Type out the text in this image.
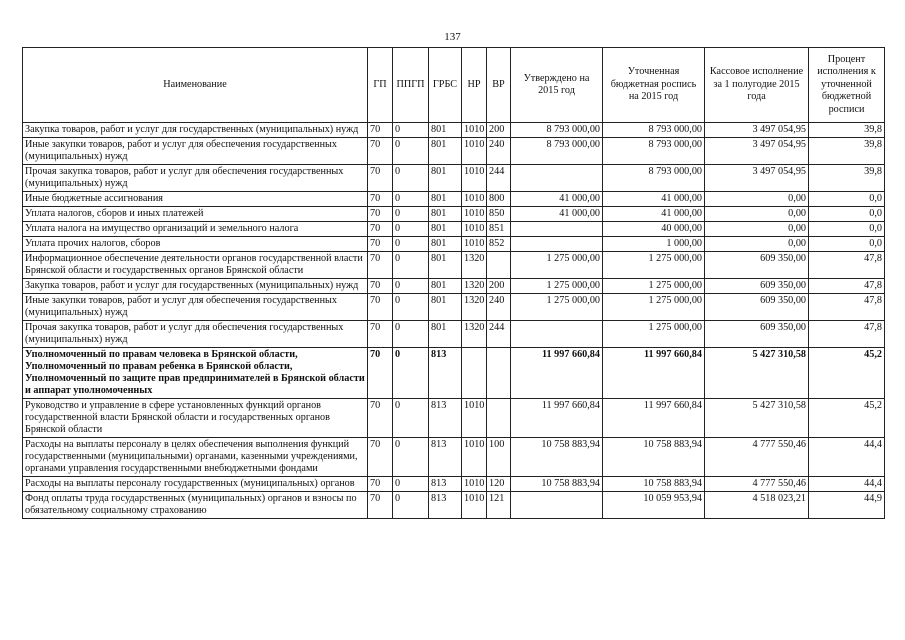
137
Наименование	ГП	ППГП	ГРБС	НР	ВР	Утверждено на 2015 год	Уточненная бюджетная роспись на 2015 год	Кассовое исполнение за 1 полугодие 2015 года	Процент исполнения к уточненной бюджетной росписи
Закупка товаров, работ и услуг для государственных (муниципальных) нужд	70	0	801	1010	200	8 793 000,00	8 793 000,00	3 497 054,95	39,8
Иные закупки товаров, работ и услуг для обеспечения государственных (муниципальных) нужд	70	0	801	1010	240	8 793 000,00	8 793 000,00	3 497 054,95	39,8
Прочая закупка товаров, работ и услуг для обеспечения государственных (муниципальных) нужд	70	0	801	1010	244		8 793 000,00	3 497 054,95	39,8
Иные бюджетные ассигнования	70	0	801	1010	800	41 000,00	41 000,00	0,00	0,0
Уплата налогов, сборов и иных платежей	70	0	801	1010	850	41 000,00	41 000,00	0,00	0,0
Уплата налога на имущество организаций и земельного налога	70	0	801	1010	851		40 000,00	0,00	0,0
Уплата прочих налогов, сборов	70	0	801	1010	852		1 000,00	0,00	0,0
Информационное обеспечение деятельности органов государственной власти Брянской области и государственных органов Брянской области	70	0	801	1320		1 275 000,00	1 275 000,00	609 350,00	47,8
Закупка товаров, работ и услуг для государственных (муниципальных) нужд	70	0	801	1320	200	1 275 000,00	1 275 000,00	609 350,00	47,8
Иные закупки товаров, работ и услуг для обеспечения государственных (муниципальных) нужд	70	0	801	1320	240	1 275 000,00	1 275 000,00	609 350,00	47,8
Прочая закупка товаров, работ и услуг для обеспечения государственных (муниципальных) нужд	70	0	801	1320	244		1 275 000,00	609 350,00	47,8
Уполномоченный по правам человека в Брянской области, Уполномоченный по правам ребенка в Брянской области, Уполномоченный по защите прав предпринимателей в Брянской области и аппарат уполномоченных	70	0	813			11 997 660,84	11 997 660,84	5 427 310,58	45,2
Руководство и управление в сфере установленных функций органов государственной власти Брянской области и государственных органов Брянской области	70	0	813	1010		11 997 660,84	11 997 660,84	5 427 310,58	45,2
Расходы на выплаты персоналу в целях обеспечения выполнения функций государственными (муниципальными) органами, казенными учреждениями, органами управления государственными внебюджетными фондами	70	0	813	1010	100	10 758 883,94	10 758 883,94	4 777 550,46	44,4
Расходы на выплаты персоналу государственных (муниципальных) органов	70	0	813	1010	120	10 758 883,94	10 758 883,94	4 777 550,46	44,4
Фонд оплаты труда государственных (муниципальных) органов и взносы по обязательному социальному страхованию	70	0	813	1010	121		10 059 953,94	4 518 023,21	44,9
